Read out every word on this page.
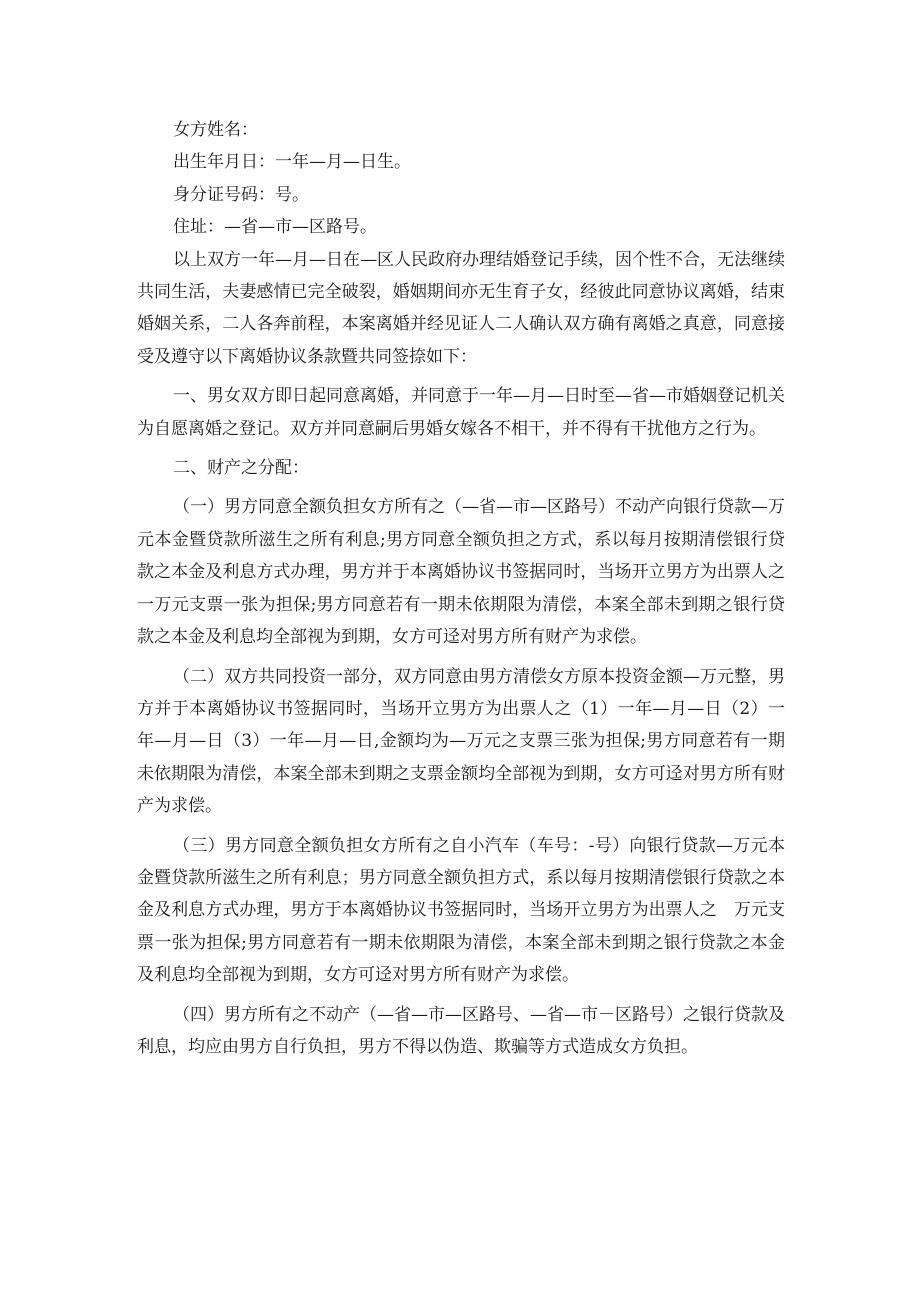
女方姓名：

出生年月日：一年—月—日生。

身分证号码：号。

住址：—省—市—区路号。

以上双方一年—月—日在—区人民政府办理结婚登记手续，因个性不合，无法继续共同生活，夫妻感情已完全破裂，婚姻期间亦无生育子女，经彼此同意协议离婚，结束婚姻关系，二人各奔前程，本案离婚并经见证人二人确认双方确有离婚之真意，同意接受及遵守以下离婚协议条款暨共同签捺如下：

一、男女双方即日起同意离婚，并同意于一年—月—日时至—省—市婚姻登记机关为自愿离婚之登记。双方并同意嗣后男婚女嫁各不相干，并不得有干扰他方之行为。

二、财产之分配：

（一）男方同意全额负担女方所有之（—省—市—区路号）不动产向银行贷款—万元本金暨贷款所滋生之所有利息;男方同意全额负担之方式，系以每月按期清偿银行贷款之本金及利息方式办理，男方并于本离婚协议书签据同时，当场开立男方为出票人之一万元支票一张为担保;男方同意若有一期未依期限为清偿，本案全部未到期之银行贷款之本金及利息均全部视为到期，女方可迳对男方所有财产为求偿。

（二）双方共同投资一部分，双方同意由男方清偿女方原本投资金额—万元整，男方并于本离婚协议书签据同时，当场开立男方为出票人之（1）一年—月—日（2）一年—月—日（3）一年—月—日,金额均为—万元之支票三张为担保;男方同意若有一期未依期限为清偿，本案全部未到期之支票金额均全部视为到期，女方可迳对男方所有财产为求偿。

（三）男方同意全额负担女方所有之自小汽车（车号：-号）向银行贷款—万元本金暨贷款所滋生之所有利息；男方同意全额负担方式，系以每月按期清偿银行贷款之本金及利息方式办理，男方于本离婚协议书签据同时，当场开立男方为出票人之　万元支票一张为担保;男方同意若有一期未依期限为清偿，本案全部未到期之银行贷款之本金及利息均全部视为到期，女方可迳对男方所有财产为求偿。

（四）男方所有之不动产（—省—市—区路号、—省—市－区路号）之银行贷款及利息，均应由男方自行负担，男方不得以伪造、欺骗等方式造成女方负担。
